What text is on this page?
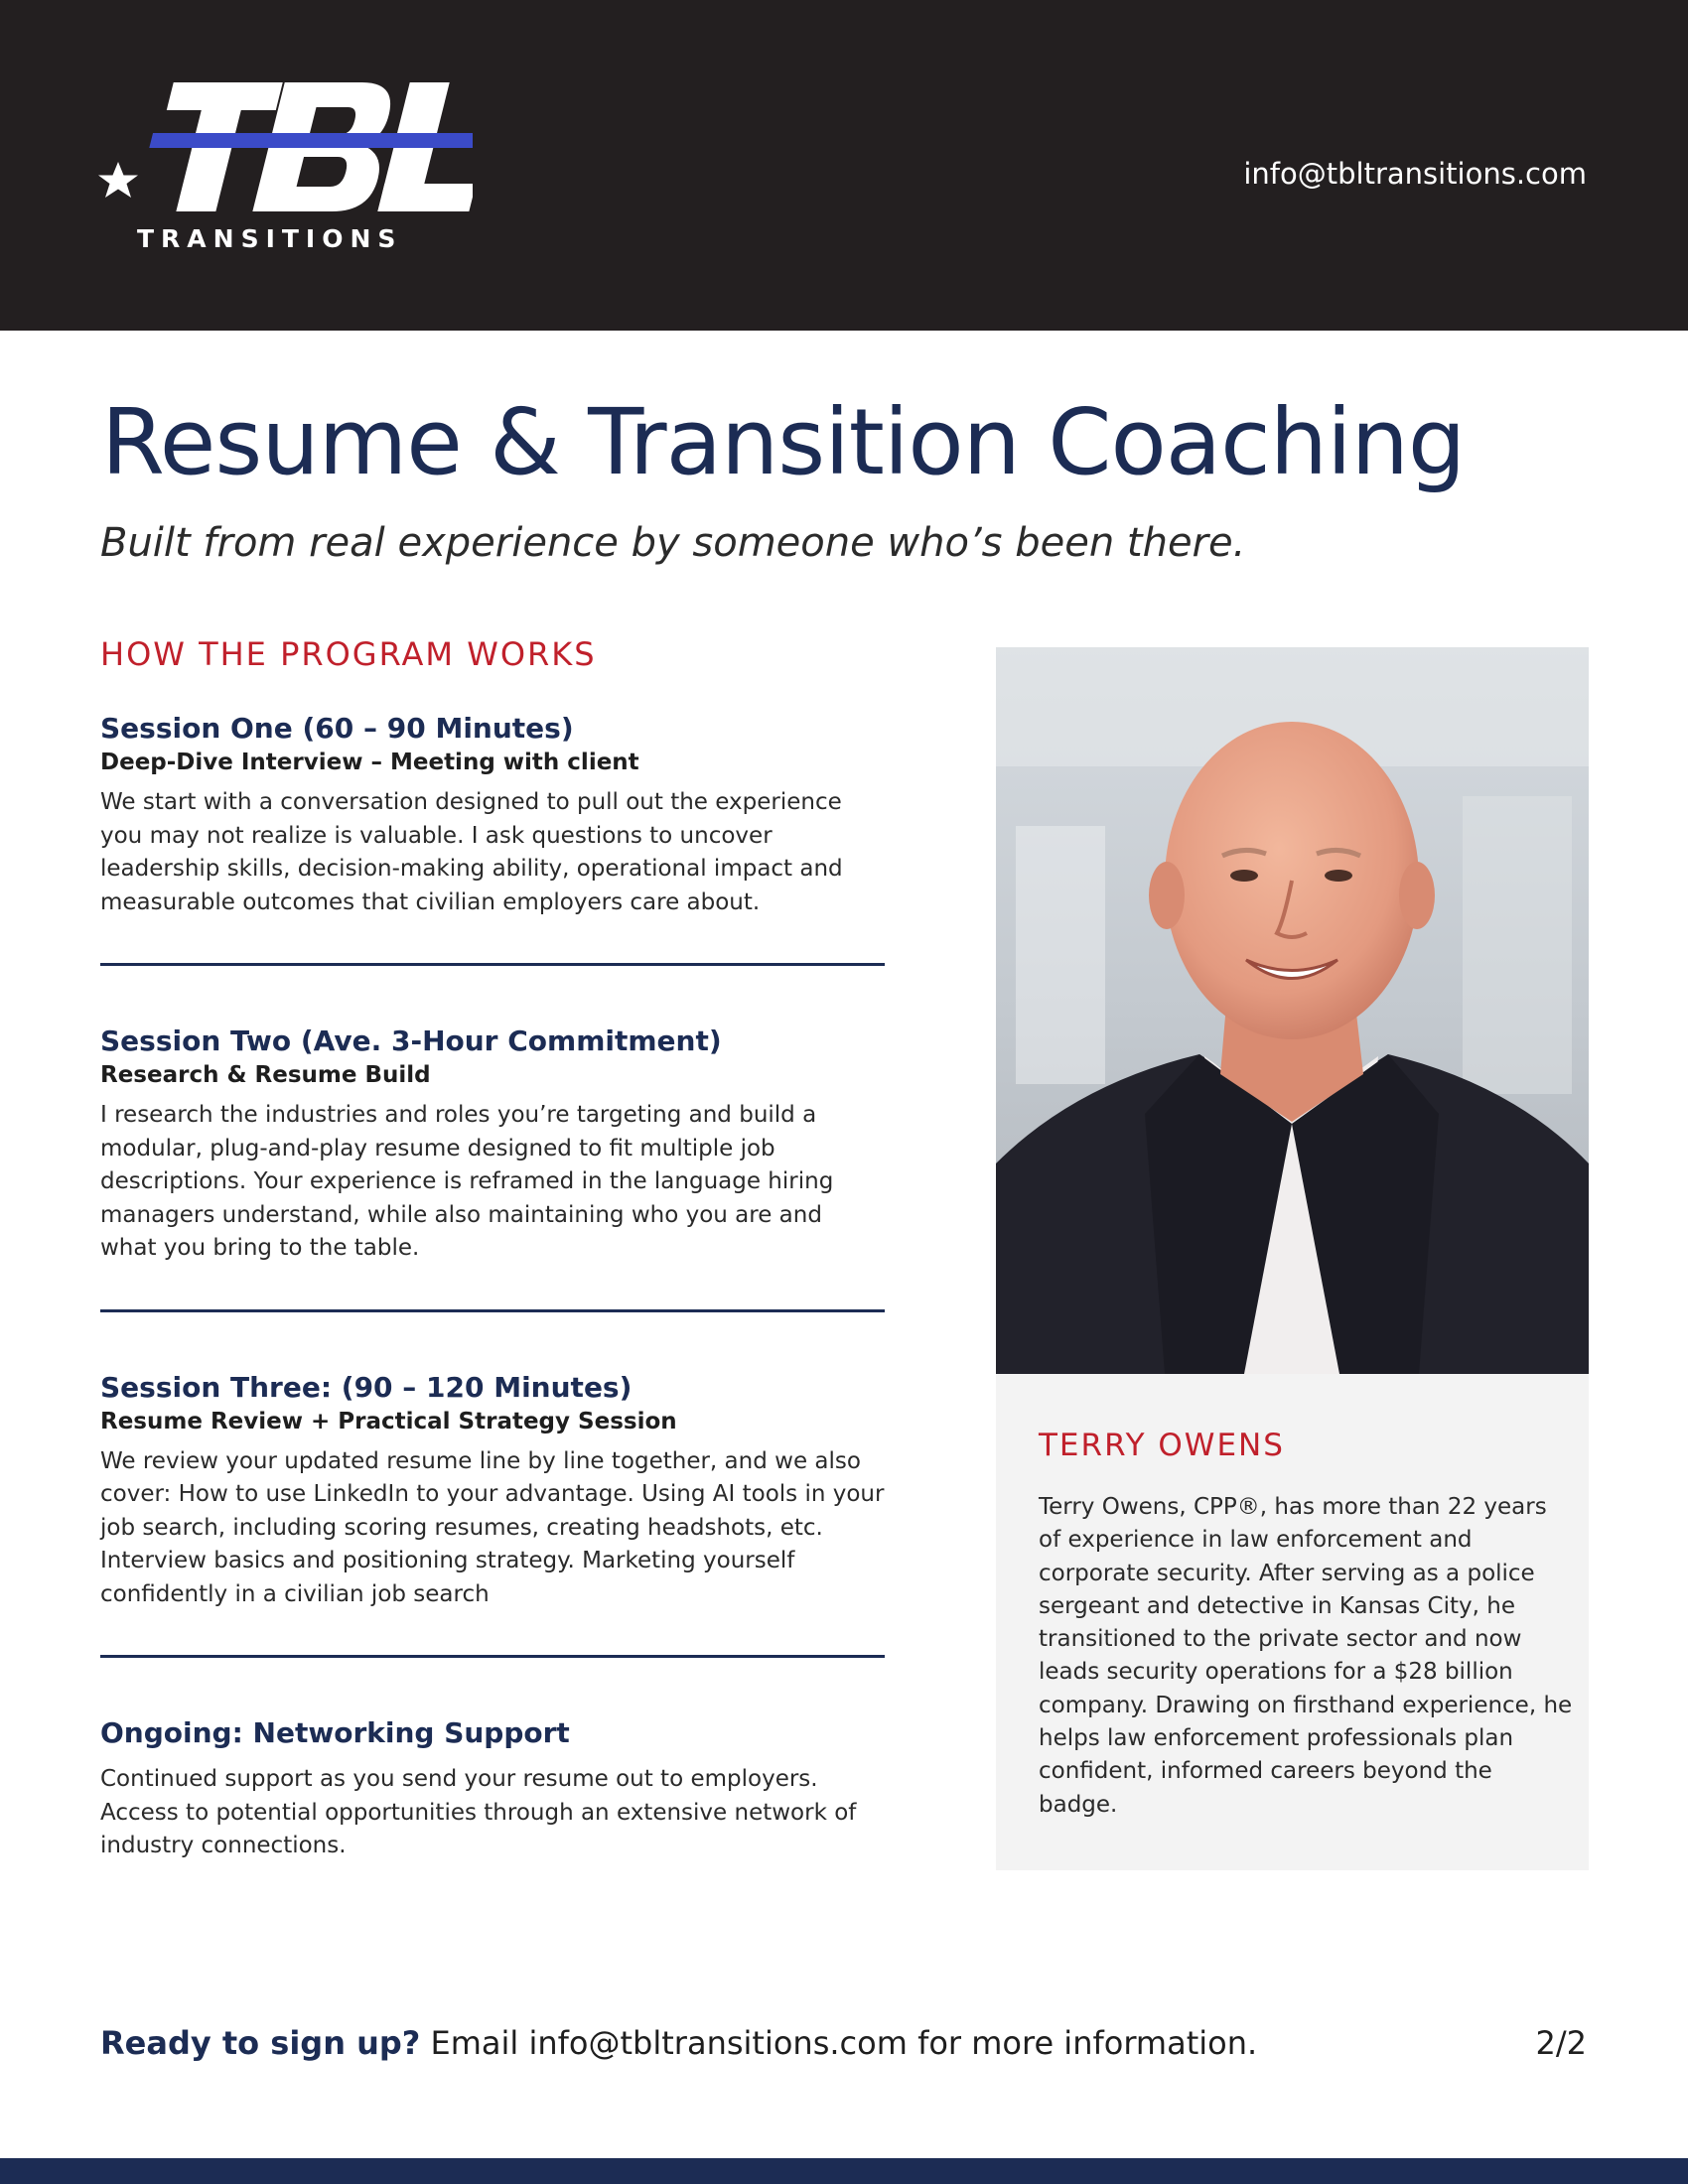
TRANSITIONS
info@tbltransitions.com
Resume & Transition Coaching

Built from real experience by someone who’s been there.

HOW THE PROGRAM WORKS
Session One (60 – 90 Minutes)
Deep-Dive Interview – Meeting with client

We start with a conversation designed to pull out the experience you may not realize is valuable. I ask questions to uncover leadership skills, decision-making ability, operational impact and measurable outcomes that civilian employers care about.

Session Two (Ave. 3-Hour Commitment)
Research & Resume Build

I research the industries and roles you’re targeting and build a modular, plug-and-play resume designed to fit multiple job descriptions. Your experience is reframed in the language hiring managers understand, while also maintaining who you are and what you bring to the table.

Session Three: (90 – 120 Minutes)
Resume Review + Practical Strategy Session

We review your updated resume line by line together, and we also cover: How to use LinkedIn to your advantage. Using AI tools in your job search, including scoring resumes, creating headshots, etc. Interview basics and positioning strategy. Marketing yourself confidently in a civilian job search

Ongoing: Networking Support

Continued support as you send your resume out to employers. Access to potential opportunities through an extensive network of industry connections.

TERRY OWENS

Terry Owens, CPP®, has more than 22 years of experience in law enforcement and corporate security. After serving as a police sergeant and detective in Kansas City, he transitioned to the private sector and now leads security operations for a $28 billion company. Drawing on firsthand experience, he helps law enforcement professionals plan confident, informed careers beyond the badge.

Ready to sign up? Email info@tbltransitions.com for more information.	2/2
